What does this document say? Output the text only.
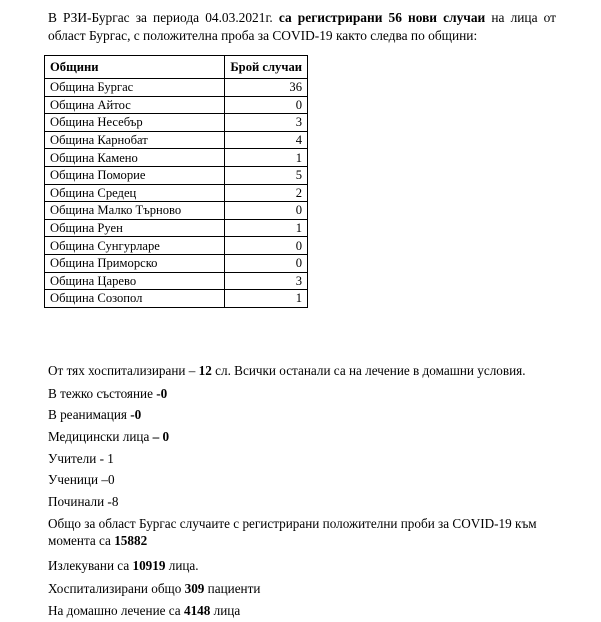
В РЗИ-Бургас за периода 04.03.2021г. са регистрирани 56 нови случаи на лица от област Бургас, с положителна проба за COVID-19 както следва по общини:
Общини	Брой случаи
Община Бургас	36
Община Айтос	0
Община Несебър	3
Община Карнобат	4
Община Камено	1
Община Поморие	5
Община Средец	2
Община Малко Търново	0
Община Руен	1
Община Сунгурларе	0
Община Приморско	0
Община Царево	3
Община Созопол	1
От тях хоспитализирани – 12 сл. Всички останали са на лечение в домашни условия.
В тежко състояние -0
В реанимация -0
Медицински лица – 0
Учители - 1
Ученици –0
Починали -8
Общо за област Бургас случаите с регистрирани положителни проби за COVID-19 към момента са 15882
Излекувани са 10919 лица.
Хоспитализирани общо 309 пациенти
На домашно лечение са 4148 лица
